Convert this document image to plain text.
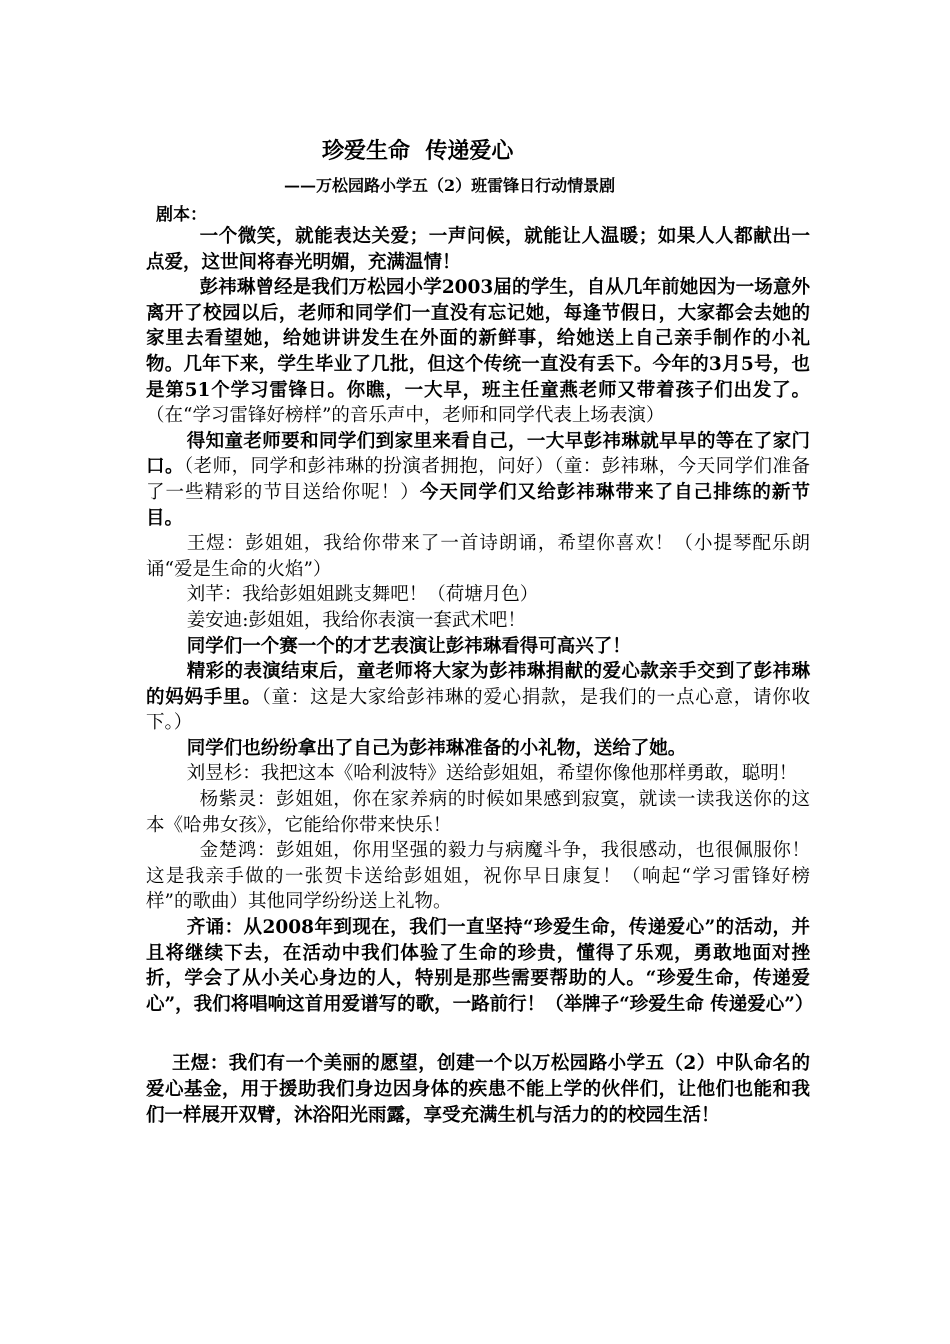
珍爱生命  传递爱心
——万松园路小学五（2）班雷锋日行动情景剧
剧本：

一个微笑，就能表达关爱；一声问候，就能让人温暖；如果人人都献出一点爱，这世间将春光明媚，充满温情！

彭祎琳曾经是我们万松园小学2003届的学生，自从几年前她因为一场意外离开了校园以后，老师和同学们一直没有忘记她，每逢节假日，大家都会去她的家里去看望她，给她讲讲发生在外面的新鲜事，给她送上自己亲手制作的小礼物。几年下来，学生毕业了几批，但这个传统一直没有丢下。今年的3月5号，也是第51个学习雷锋日。你瞧，一大早，班主任童燕老师又带着孩子们出发了。（在“学习雷锋好榜样”的音乐声中，老师和同学代表上场表演）

得知童老师要和同学们到家里来看自己，一大早彭祎琳就早早的等在了家门口。（老师，同学和彭祎琳的扮演者拥抱，问好）（童：彭祎琳，今天同学们准备了一些精彩的节目送给你呢！）今天同学们又给彭祎琳带来了自己排练的新节目。

王煜：彭姐姐，我给你带来了一首诗朗诵，希望你喜欢！（小提琴配乐朗诵“爱是生命的火焰”）

刘芊：我给彭姐姐跳支舞吧！（荷塘月色）

姜安迪:彭姐姐，我给你表演一套武术吧！

同学们一个赛一个的才艺表演让彭祎琳看得可高兴了！

精彩的表演结束后，童老师将大家为彭祎琳捐献的爱心款亲手交到了彭祎琳的妈妈手里。（童：这是大家给彭祎琳的爱心捐款，是我们的一点心意，请你收下。）

同学们也纷纷拿出了自己为彭祎琳准备的小礼物，送给了她。

刘昱杉：我把这本《哈利波特》送给彭姐姐，希望你像他那样勇敢，聪明！

杨紫灵：彭姐姐，你在家养病的时候如果感到寂寞，就读一读我送你的这本《哈弗女孩》，它能给你带来快乐！

金楚鸿：彭姐姐，你用坚强的毅力与病魔斗争，我很感动，也很佩服你！这是我亲手做的一张贺卡送给彭姐姐，祝你早日康复！（响起“学习雷锋好榜样”的歌曲）其他同学纷纷送上礼物。

齐诵：从2008年到现在，我们一直坚持“珍爱生命，传递爱心”的活动，并且将继续下去，在活动中我们体验了生命的珍贵，懂得了乐观，勇敢地面对挫折，学会了从小关心身边的人，特别是那些需要帮助的人。“珍爱生命，传递爱心”，我们将唱响这首用爱谱写的歌，一路前行！（举牌子“珍爱生命 传递爱心”）

王煜：我们有一个美丽的愿望，创建一个以万松园路小学五（2）中队命名的爱心基金，用于援助我们身边因身体的疾患不能上学的伙伴们，让他们也能和我们一样展开双臂，沐浴阳光雨露，享受充满生机与活力的的校园生活！
